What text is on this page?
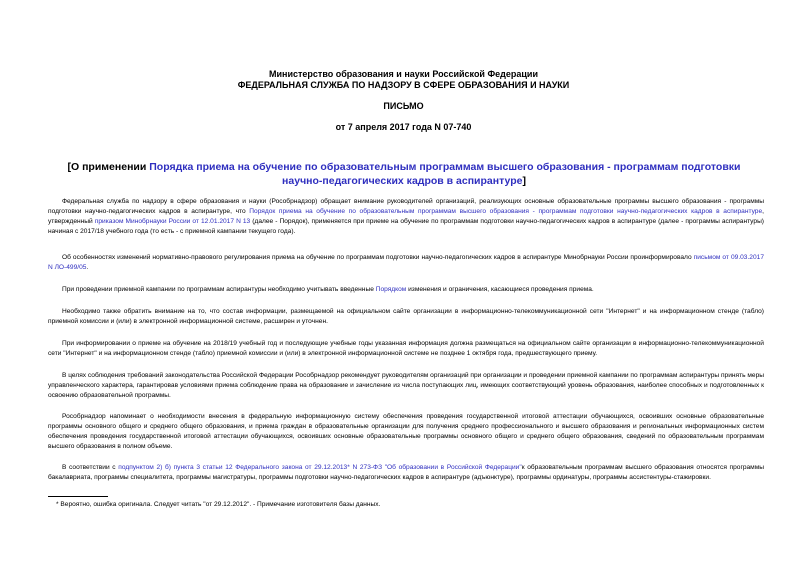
Министерство образования и науки Российской Федерации
ФЕДЕРАЛЬНАЯ СЛУЖБА ПО НАДЗОРУ В СФЕРЕ ОБРАЗОВАНИЯ И НАУКИ
ПИСЬМО
от 7 апреля 2017 года N 07-740
[О применении Порядка приема на обучение по образовательным программам высшего образования - программам подготовки научно-педагогических кадров в аспирантуре]
Федеральная служба по надзору в сфере образования и науки (Рособрнадзор) обращает внимание руководителей организаций, реализующих основные образовательные программы высшего образования - программы подготовки научно-педагогических кадров в аспирантуре, что Порядок приема на обучение по образовательным программам высшего образования - программам подготовки научно-педагогических кадров в аспирантуре, утвержденный приказом Минобрнауки России от 12.01.2017 N 13 (далее - Порядок), применяется при приеме на обучение по программам подготовки научно-педагогических кадров в аспирантуре (далее - программы аспирантуры) начиная с 2017/18 учебного года (то есть - с приемной кампании текущего года).
Об особенностях изменений нормативно-правового регулирования приема на обучение по программам подготовки научно-педагогических кадров в аспирантуре Минобрнауки России проинформировало письмом от 09.03.2017 N ЛО-499/05.
При проведении приемной кампании по программам аспирантуры необходимо учитывать введенные Порядком изменения и ограничения, касающиеся проведения приема.
Необходимо также обратить внимание на то, что состав информации, размещаемой на официальном сайте организации в информационно-телекоммуникационной сети "Интернет" и на информационном стенде (табло) приемной комиссии и (или) в электронной информационной системе, расширен и уточнен.
При информировании о приеме на обучение на 2018/19 учебный год и последующие учебные годы указанная информация должна размещаться на официальном сайте организации в информационно-телекоммуникационной сети "Интернет" и на информационном стенде (табло) приемной комиссии и (или) в электронной информационной системе не позднее 1 октября года, предшествующего приему.
В целях соблюдения требований законодательства Российской Федерации Рособрнадзор рекомендует руководителям организаций при организации и проведении приемной кампании по программам аспирантуры принять меры управленческого характера, гарантировав условиями приема соблюдение права на образование и зачисление из числа поступающих лиц, имеющих соответствующий уровень образования, наиболее способных и подготовленных к освоению образовательной программы.
Рособрнадзор напоминает о необходимости внесения в федеральную информационную систему обеспечения проведения государственной итоговой аттестации обучающихся, освоивших основные образовательные программы основного общего и среднего общего образования, и приема граждан в образовательные организации для получения среднего профессионального и высшего образования и региональных информационных систем обеспечения проведения государственной итоговой аттестации обучающихся, освоивших основные образовательные программы основного общего и среднего общего образования, сведений по образовательным программам высшего образования в полном объеме.
В соответствии с подпунктом 2) б) пункта 3 статьи 12 Федерального закона от 29.12.2013* N 273-ФЗ "Об образовании в Российской Федерации"к образовательным программам высшего образования относятся программы бакалавриата, программы специалитета, программы магистратуры, программы подготовки научно-педагогических кадров в аспирантуре (адъюнктуре), программы ординатуры, программы ассистентуры-стажировки.
* Вероятно, ошибка оригинала. Следует читать "от 29.12.2012". - Примечание изготовителя базы данных.
